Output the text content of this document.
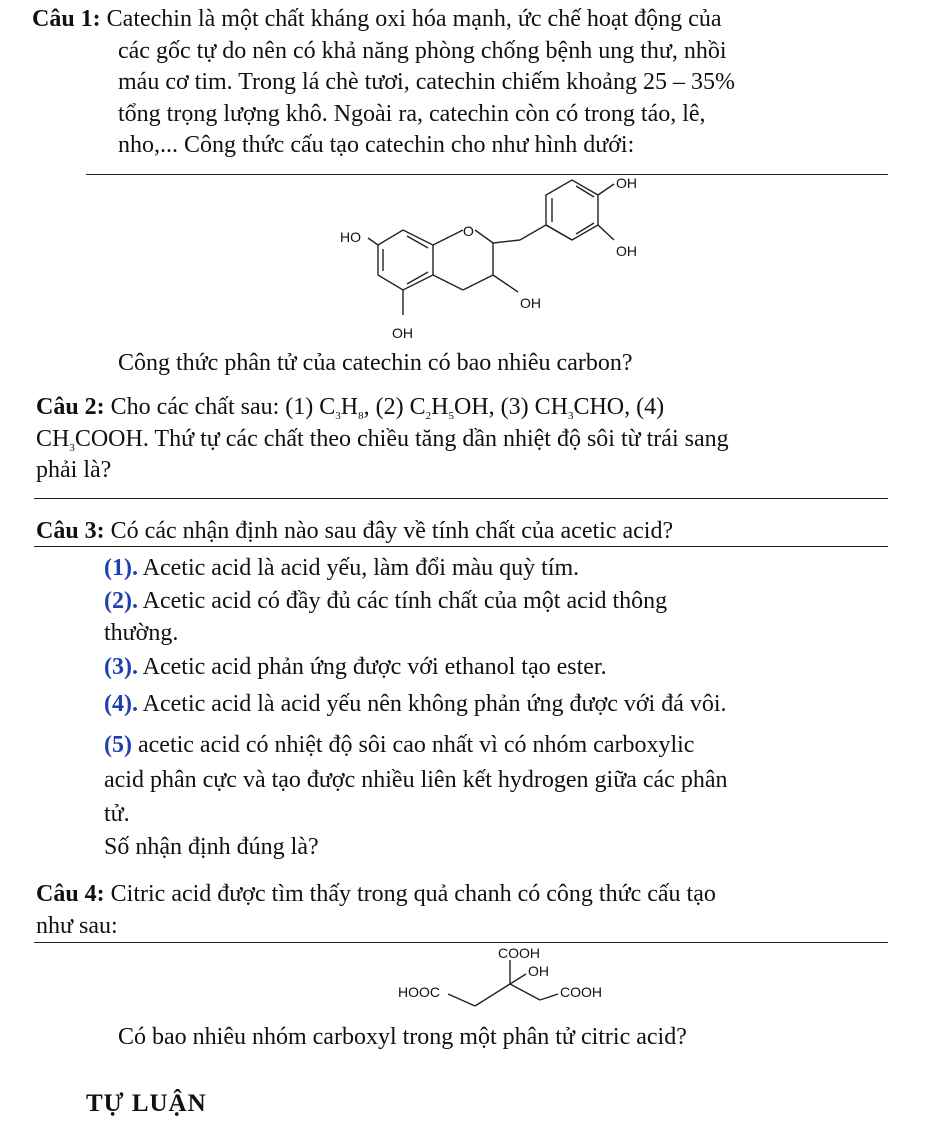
Câu 1: Catechin là một chất kháng oxi hóa mạnh, ức chế hoạt động của
các gốc tự do nên có khả năng phòng chống bệnh ung thư, nhồi
máu cơ tim. Trong lá chè tươi, catechin chiếm khoảng 25 – 35%
tổng trọng lượng khô. Ngoài ra, catechin còn có trong táo, lê,
nho,... Công thức cấu tạo catechin cho như hình dưới:
HO	O
OH
OH
OH
OH
Công thức phân tử của catechin có bao nhiêu carbon?
Câu 2: Cho các chất sau: (1) $C_3H_8$, (2) $C_2H_5OH$, (3) $CH_3CHO$, (4)
$CH_3COOH$. Thứ tự các chất theo chiều tăng dần nhiệt độ sôi từ trái sang
phải là?
Câu 3: Có các nhận định nào sau đây về tính chất của acetic acid?
(1). Acetic acid là acid yếu, làm đổi màu quỳ tím.
(2). Acetic acid có đầy đủ các tính chất của một acid thông
thường.
(3). Acetic acid phản ứng được với ethanol tạo ester.
(4). Acetic acid là acid yếu nên không phản ứng được với đá vôi.
(5) acetic acid có nhiệt độ sôi cao nhất vì có nhóm carboxylic
acid phân cực và tạo được nhiều liên kết hydrogen giữa các phân
tử.
Số nhận định đúng là?
Câu 4: Citric acid được tìm thấy trong quả chanh có công thức cấu tạo
như sau:
COOH
OH
HOOC	COOH
Có bao nhiêu nhóm carboxyl trong một phân tử citric acid?
TỰ LUẬN
